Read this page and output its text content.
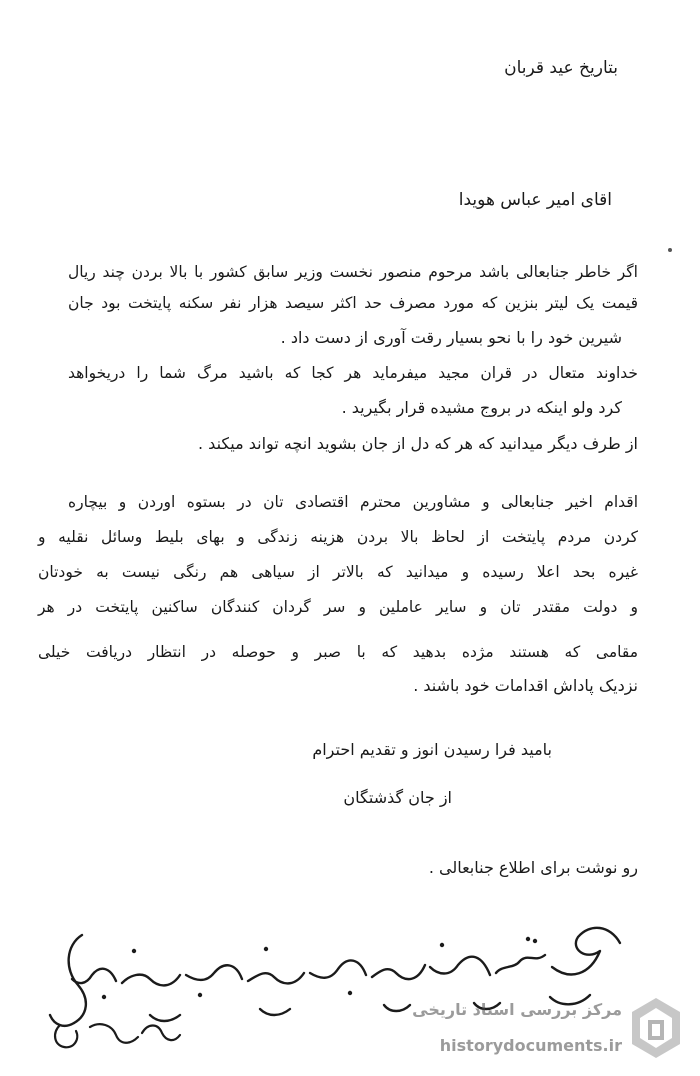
بتاریخ عید قربان
اقای امیر عباس هویدا
اگر خاطر جنابعالی باشد مرحوم منصور نخست وزیر سابق کشور با بالا بردن چند ریال
قیمت یک لیتر بنزین که مورد مصرف حد اکثر سیصد هزار نفر سکنه پایتخت بود جان
شیرین خود را با نحو بسیار رقت آوری از دست داد .
خداوند متعال در قران مجید میفرماید هر کجا که باشید مرگ شما را دریخواهد
کرد ولو اینکه در بروج مشیده قرار بگیرید .
از طرف دیگر میدانید که هر که دل از جان بشوید انچه تواند میکند .
اقدام اخیر جنابعالی و مشاورین محترم اقتصادی تان در بستوه اوردن و بیچاره
کردن مردم پایتخت از لحاظ بالا بردن هزینه زندگی و بهای بلیط وسائل نقلیه و
غیره بحد اعلا رسیده و میدانید که بالاتر از سیاهی هم رنگی نیست به خودتان
و دولت مقتدر تان و سایر عاملین و سر گردان کنندگان ساکنین پایتخت در هر
مقامی که هستند مژده بدهید که با صبر و حوصله در انتظار دریافت خیلی
نزدیک پاداش اقدامات خود باشند .
بامید فرا رسیدن انوز و تقدیم احترام
از جان گذشتگان
رو نوشت برای اطلاع جنابعالی .
مرکز بررسی اسناد تاریخی
historydocuments.ir
